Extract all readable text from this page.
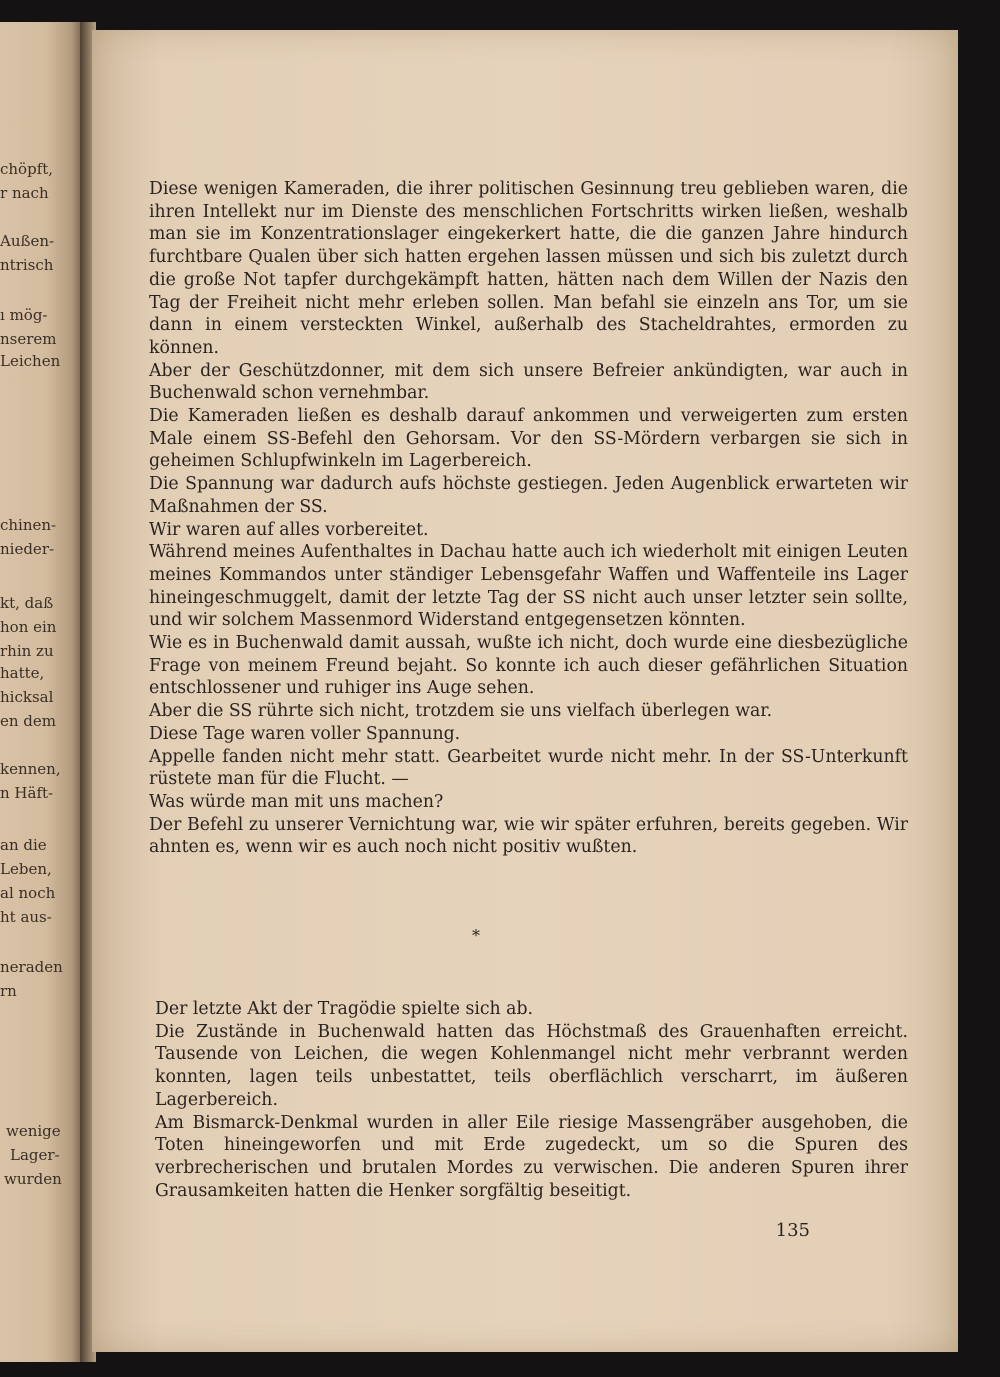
chöpft,
r nach
Außen-
ntrisch
ı mög-
nserem
Leichen
chinen-
nieder-
kt, daß
hon ein
rhin zu
hatte,
hicksal
en dem
kennen,
n Häft-
an die
Leben,
al noch
ht aus-
neraden
rn
wenige
Lager-
wurden

Diese wenigen Kameraden, die ihrer politischen Gesinnung treu geblieben waren, die ihren Intellekt nur im Dienste des menschlichen Fortschritts wirken ließen, weshalb man sie im Konzentrationslager eingekerkert hatte, die die ganzen Jahre hindurch furchtbare Qualen über sich hatten ergehen lassen müssen und sich bis zuletzt durch die große Not tapfer durchgekämpft hatten, hätten nach dem Willen der Nazis den Tag der Freiheit nicht mehr erleben sollen. Man befahl sie einzeln ans Tor, um sie dann in einem versteckten Winkel, außerhalb des Stacheldrahtes, ermorden zu können.

Aber der Geschützdonner, mit dem sich unsere Befreier ankündigten, war auch in Buchenwald schon vernehmbar.

Die Kameraden ließen es deshalb darauf ankommen und verweigerten zum ersten Male einem SS-Befehl den Gehorsam. Vor den SS-Mördern verbargen sie sich in geheimen Schlupfwinkeln im Lagerbereich.

Die Spannung war dadurch aufs höchste gestiegen. Jeden Augenblick erwarteten wir Maßnahmen der SS.

Wir waren auf alles vorbereitet.

Während meines Aufenthaltes in Dachau hatte auch ich wiederholt mit einigen Leuten meines Kommandos unter ständiger Lebensgefahr Waffen und Waffenteile ins Lager hineingeschmuggelt, damit der letzte Tag der SS nicht auch unser letzter sein sollte, und wir solchem Massenmord Widerstand entgegensetzen könnten.

Wie es in Buchenwald damit aussah, wußte ich nicht, doch wurde eine diesbezügliche Frage von meinem Freund bejaht. So konnte ich auch dieser gefährlichen Situation entschlossener und ruhiger ins Auge sehen.

Aber die SS rührte sich nicht, trotzdem sie uns vielfach überlegen war.

Diese Tage waren voller Spannung.

Appelle fanden nicht mehr statt. Gearbeitet wurde nicht mehr. In der SS-Unterkunft rüstete man für die Flucht. —

Was würde man mit uns machen?

Der Befehl zu unserer Vernichtung war, wie wir später erfuhren, bereits gegeben. Wir ahnten es, wenn wir es auch noch nicht positiv wußten.

*

Der letzte Akt der Tragödie spielte sich ab.

Die Zustände in Buchenwald hatten das Höchstmaß des Grauenhaften erreicht. Tausende von Leichen, die wegen Kohlenmangel nicht mehr verbrannt werden konnten, lagen teils unbestattet, teils oberflächlich verscharrt, im äußeren Lagerbereich.

Am Bismarck-Denkmal wurden in aller Eile riesige Massengräber ausgehoben, die Toten hineingeworfen und mit Erde zugedeckt, um so die Spuren des verbrecherischen und brutalen Mordes zu verwischen. Die anderen Spuren ihrer Grausamkeiten hatten die Henker sorgfältig beseitigt.

135
